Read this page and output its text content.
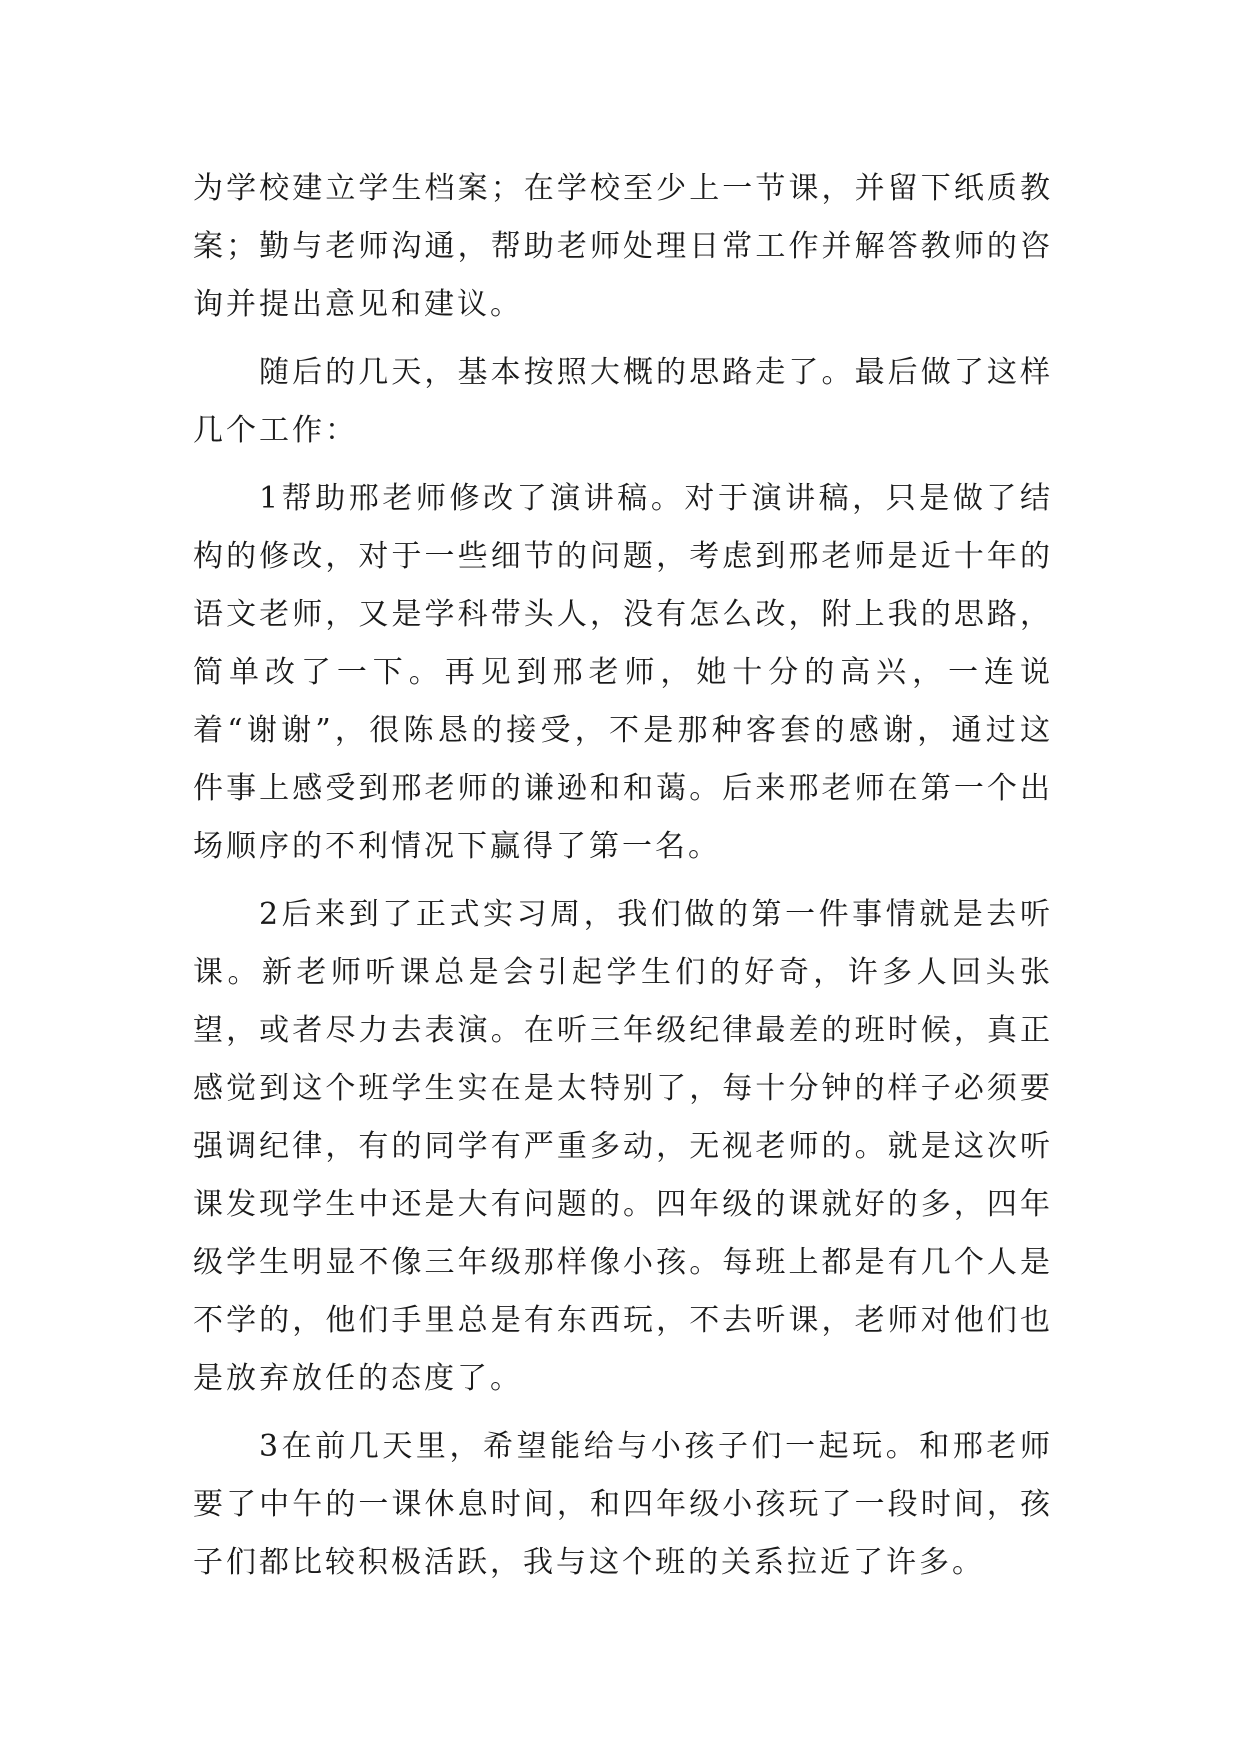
为学校建立学生档案；在学校至少上一节课，并留下纸质教案；勤与老师沟通，帮助老师处理日常工作并解答教师的咨询并提出意见和建议。

随后的几天，基本按照大概的思路走了。最后做了这样几个工作：

1帮助邢老师修改了演讲稿。对于演讲稿，只是做了结构的修改，对于一些细节的问题，考虑到邢老师是近十年的语文老师，又是学科带头人，没有怎么改，附上我的思路，简单改了一下。再见到邢老师，她十分的高兴，一连说着“谢谢”，很陈恳的接受，不是那种客套的感谢，通过这件事上感受到邢老师的谦逊和和蔼。后来邢老师在第一个出场顺序的不利情况下赢得了第一名。

2后来到了正式实习周，我们做的第一件事情就是去听课。新老师听课总是会引起学生们的好奇，许多人回头张望，或者尽力去表演。在听三年级纪律最差的班时候，真正感觉到这个班学生实在是太特别了，每十分钟的样子必须要强调纪律，有的同学有严重多动，无视老师的。就是这次听课发现学生中还是大有问题的。四年级的课就好的多，四年级学生明显不像三年级那样像小孩。每班上都是有几个人是不学的，他们手里总是有东西玩，不去听课，老师对他们也是放弃放任的态度了。

3在前几天里，希望能给与小孩子们一起玩。和邢老师要了中午的一课休息时间，和四年级小孩玩了一段时间，孩子们都比较积极活跃，我与这个班的关系拉近了许多。
